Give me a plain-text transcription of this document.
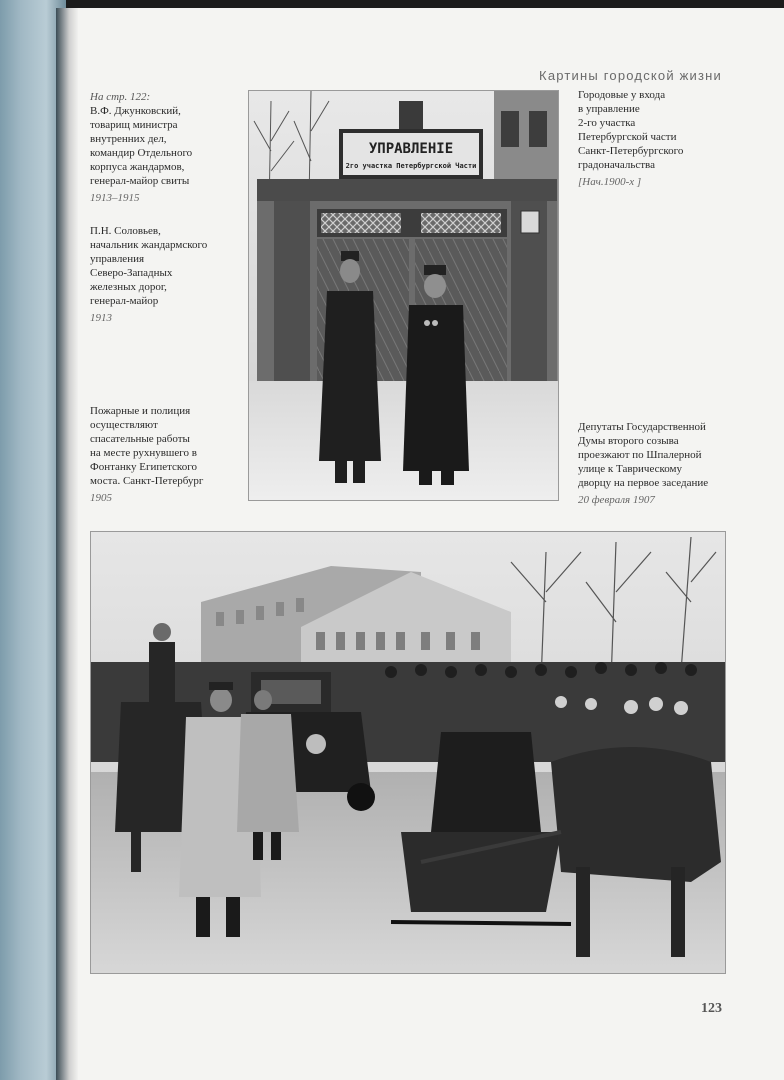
Картины городской жизни
На стр. 122:
В.Ф. Джунковский,
товарищ министра
внутренних дел,
командир Отдельного
корпуса жандармов,
генерал-майор свиты
1913–1915
П.Н. Соловьев,
начальник жандармского
управления
Северо-Западных
железных дорог,
генерал-майор
1913
Пожарные и полиция
осуществляют
спасательные работы
на месте рухнувшего в
Фонтанку Египетского
моста. Санкт-Петербург
1905
Городовые у входа
в управление
2-го участка
Петербургской части
Санкт-Петербургского
градоначальства
[Нач.1900-х ]
Депутаты Государственной
Думы второго созыва
проезжают по Шпалерной
улице к Таврическому
дворцу на первое заседание
20 февраля 1907
УПРАВЛЕНIЕ
2го участка Петербургской Части
123
